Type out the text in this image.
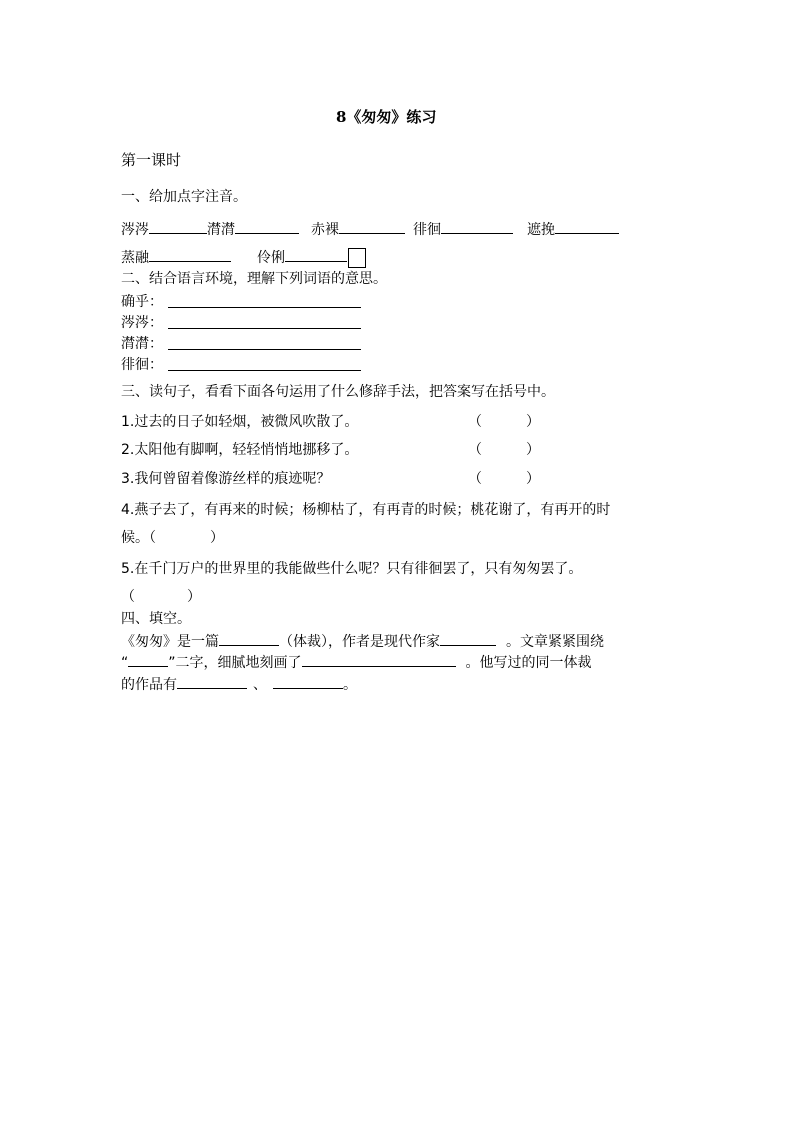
8《匆匆》练习
第一课时
一、给加点字注音。
涔涔	潸潸	赤裸	徘徊	遮挽
蒸融	伶俐
二、结合语言环境，理解下列词语的意思。
确乎：
涔涔：
潸潸：
徘徊：
三、读句子，看看下面各句运用了什么修辞手法，把答案写在括号中。
1.过去的日子如轻烟，被微风吹散了。	（	）
2.太阳他有脚啊，轻轻悄悄地挪移了。	（	）
3.我何曾留着像游丝样的痕迹呢？	（	）
4.燕子去了，有再来的时候；杨柳枯了，有再青的时候；桃花谢了，有再开的时
候。（	）
5.在千门万户的世界里的我能做些什么呢？只有徘徊罢了，只有匆匆罢了。
（	）
四、填空。
《匆匆》是一篇	（体裁），作者是现代作家	。文章紧紧围绕
“	”二字，细腻地刻画了	。他写过的同一体裁
的作品有	、	。
